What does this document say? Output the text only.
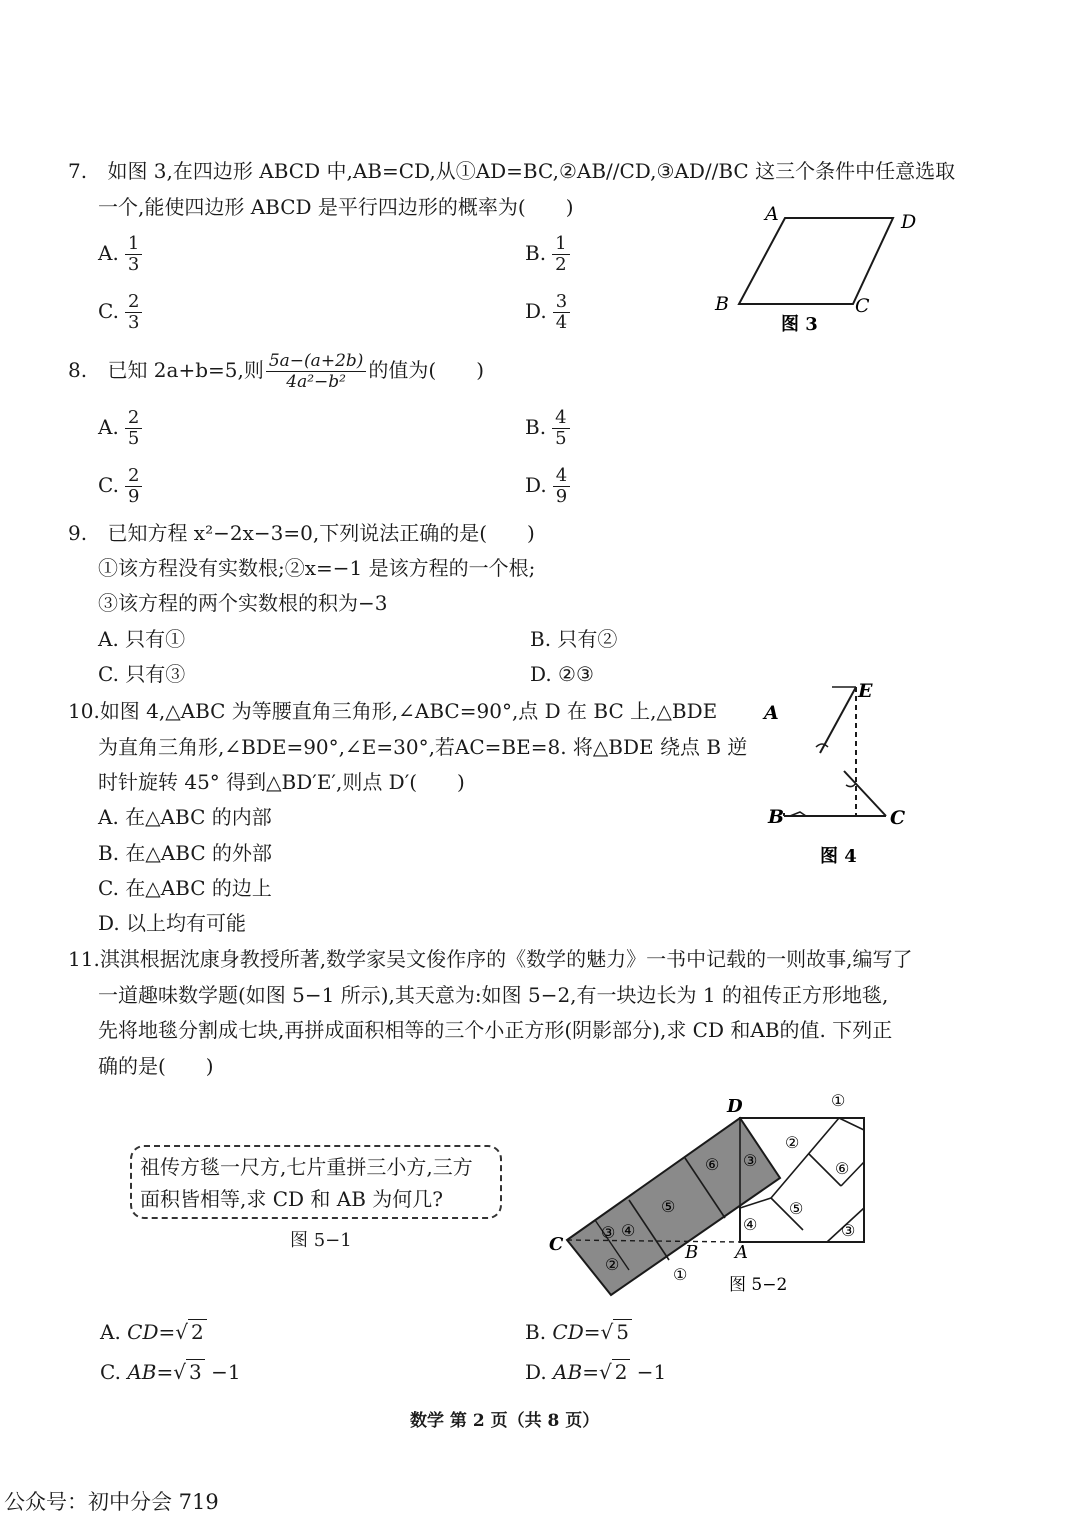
7. 如图 3,在四边形 ABCD 中,AB=CD,从①AD=BC,②AB//CD,③AD//BC 这三个条件中任意选取
一个,能使四边形 ABCD 是平行四边形的概率为(　　)
A. $\frac{1}{3}$	B. $\frac{1}{2}$
C. $\frac{2}{3}$	D. $\frac{3}{4}$
A	D
B	C
图 3
8. 已知 2a+b=5,则 $\frac{5a-(a+2b)}{\text{4a²−b²}}$ 的值为(　　)
A. $\frac{2}{5}$	B. $\frac{4}{5}$
C. $\frac{2}{9}$	D. $\frac{4}{9}$
9. 已知方程 x²−2x−3=0,下列说法正确的是(　　)
①该方程没有实数根;②x=−1 是该方程的一个根;
③该方程的两个实数根的积为−3
A. 只有①	B. 只有②
C. 只有③	D. ②③
10.如图 4,△ABC 为等腰直角三角形,∠ABC=90°,点 D 在 BC 上,△BDE
为直角三角形,∠BDE=90°,∠E=30°,若AC=BE=8. 将△BDE 绕点 B 逆
时针旋转 45° 得到△BD′E′,则点 D′(　　)
A. 在△ABC 的内部
B. 在△ABC 的外部
C. 在△ABC 的边上
D. 以上均有可能
A
E
B	C
图 4
11.淇淇根据沈康身教授所著,数学家吴文俊作序的《数学的魅力》一书中记载的一则故事,编写了
一道趣味数学题(如图 5−1 所示),其天意为:如图 5−2,有一块边长为 1 的祖传正方形地毯,
先将地毯分割成七块,再拼成面积相等的三个小正方形(阴影部分),求 CD 和AB的值. 下列正
确的是(　　)
祖传方毯一尺方,七片重拼三小方,三方面积皆相等,求 CD 和 AB 为何几?
图 5−1
D
C	B A
①
①
②
③
③
③	④
④
⑤
⑤
⑥
⑥
②
图 5−2
A. CD=√ 2	B. CD=√ 5
C. AB=√ 3 −1	D. AB=√ 2 −1
数学 第 2 页（共 8 页）
公众号：初中分会 719
